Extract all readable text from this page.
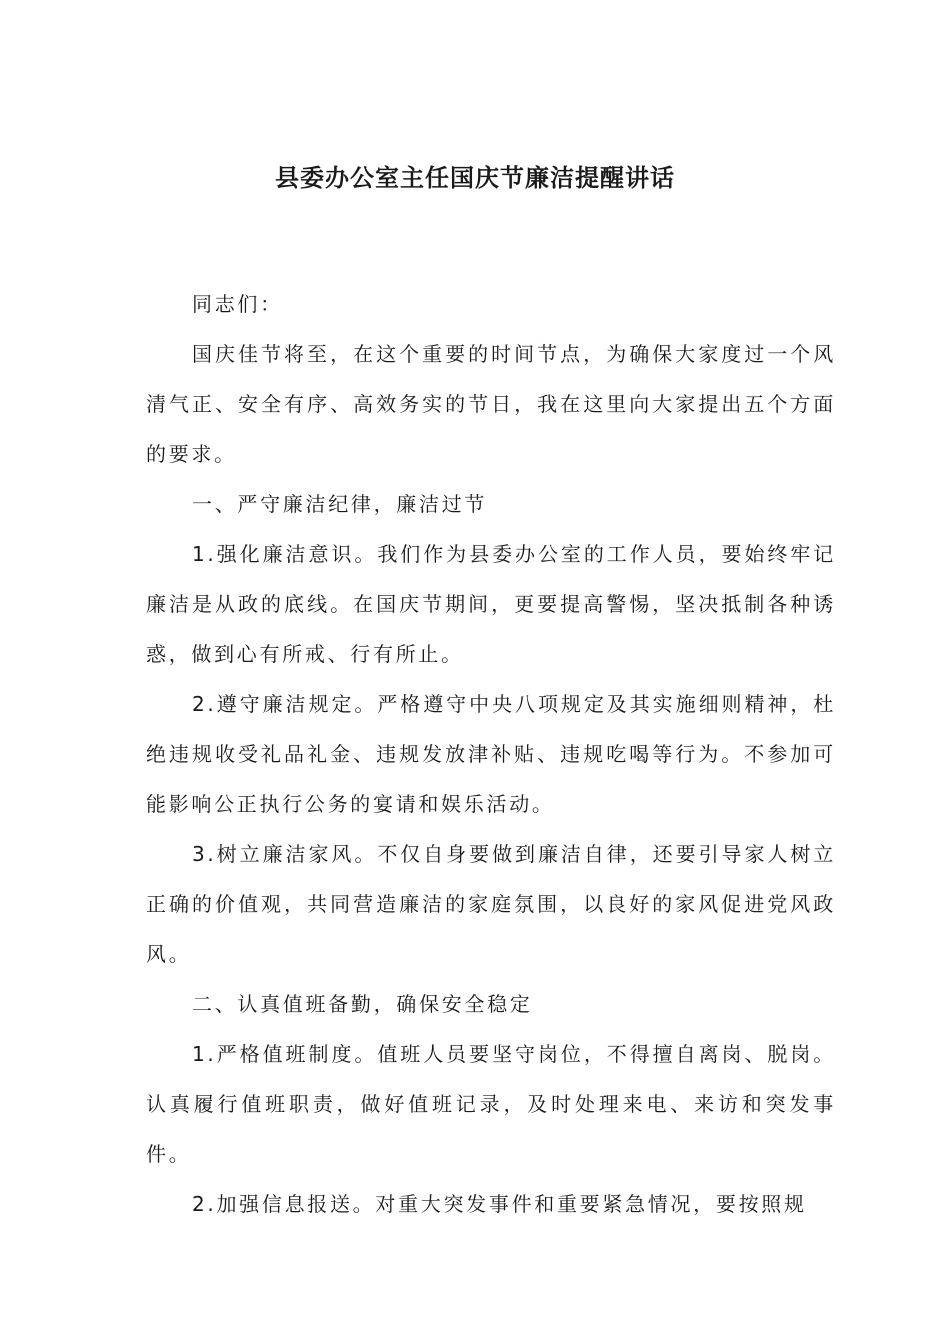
县委办公室主任国庆节廉洁提醒讲话

同志们：

国庆佳节将至，在这个重要的时间节点，为确保大家度过一个风清气正、安全有序、高效务实的节日，我在这里向大家提出五个方面的要求。

一、严守廉洁纪律，廉洁过节

1.强化廉洁意识。我们作为县委办公室的工作人员，要始终牢记廉洁是从政的底线。在国庆节期间，更要提高警惕，坚决抵制各种诱惑，做到心有所戒、行有所止。

2.遵守廉洁规定。严格遵守中央八项规定及其实施细则精神，杜绝违规收受礼品礼金、违规发放津补贴、违规吃喝等行为。不参加可能影响公正执行公务的宴请和娱乐活动。

3.树立廉洁家风。不仅自身要做到廉洁自律，还要引导家人树立正确的价值观，共同营造廉洁的家庭氛围，以良好的家风促进党风政风。

二、认真值班备勤，确保安全稳定

1.严格值班制度。值班人员要坚守岗位，不得擅自离岗、脱岗。认真履行值班职责，做好值班记录，及时处理来电、来访和突发事件。

2.加强信息报送。对重大突发事件和重要紧急情况，要按照规
